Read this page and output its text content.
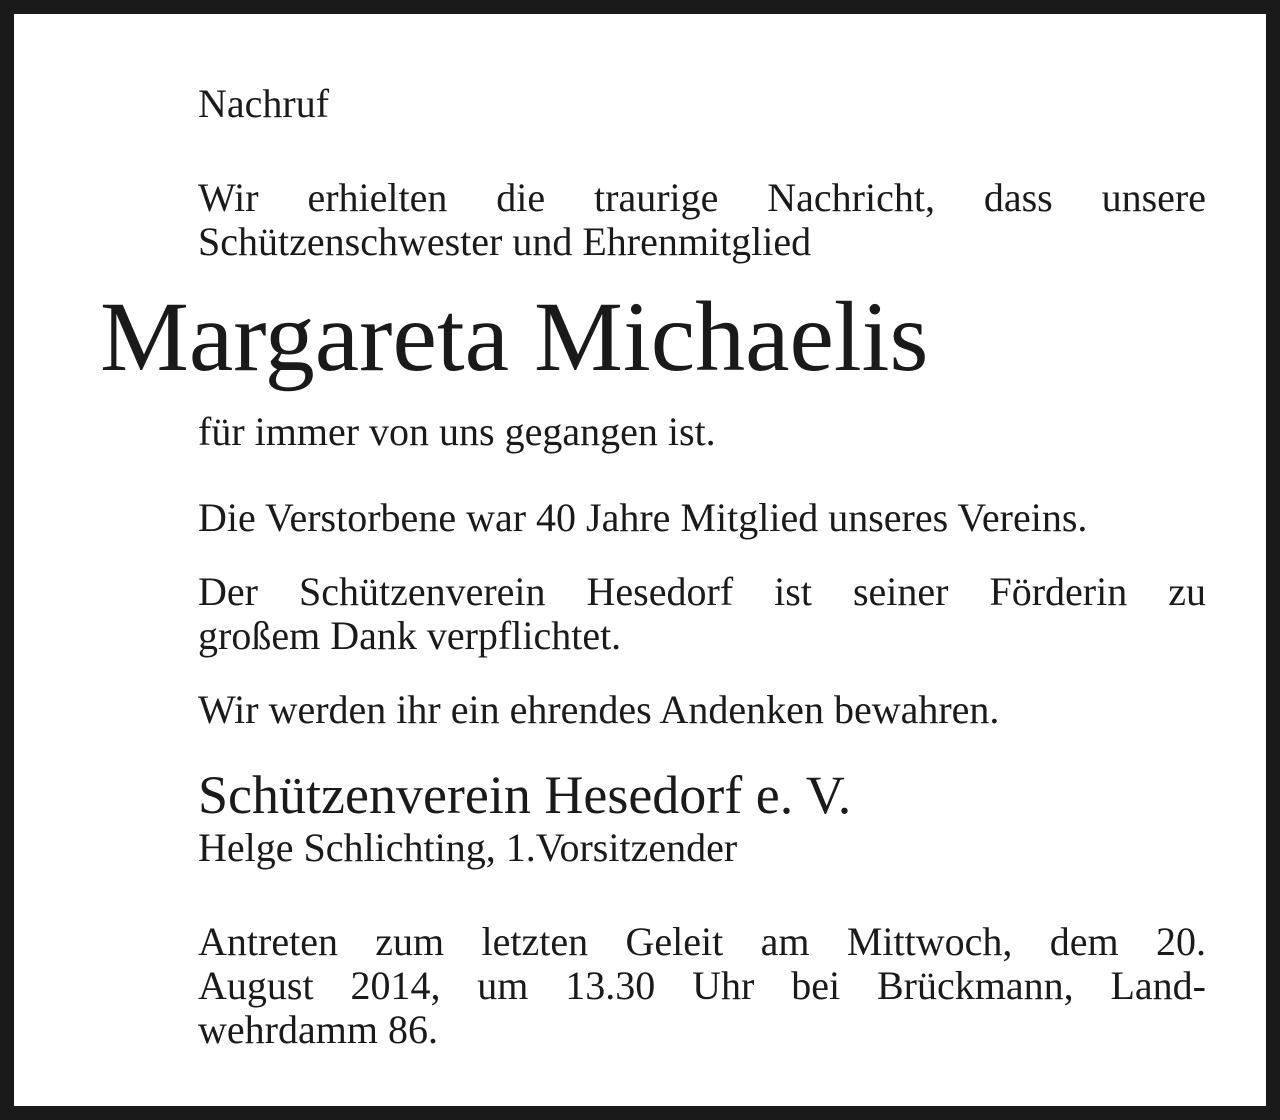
Nachruf
Wir erhielten die traurige Nachricht, dass unsere
Schützenschwester und Ehrenmitglied
für immer von uns gegangen ist.
Die Verstorbene war 40 Jahre Mitglied unseres Vereins.
Der Schützenverein Hesedorf ist seiner Förderin zu
großem Dank verpflichtet.
Wir werden ihr ein ehrendes Andenken bewahren.
Schützenverein Hesedorf e. V.
Helge Schlichting, 1.Vorsitzender
Antreten zum letzten Geleit am Mittwoch, dem 20.
August 2014, um 13.30 Uhr bei Brückmann, Land-
wehrdamm 86.
Margareta Michaelis
